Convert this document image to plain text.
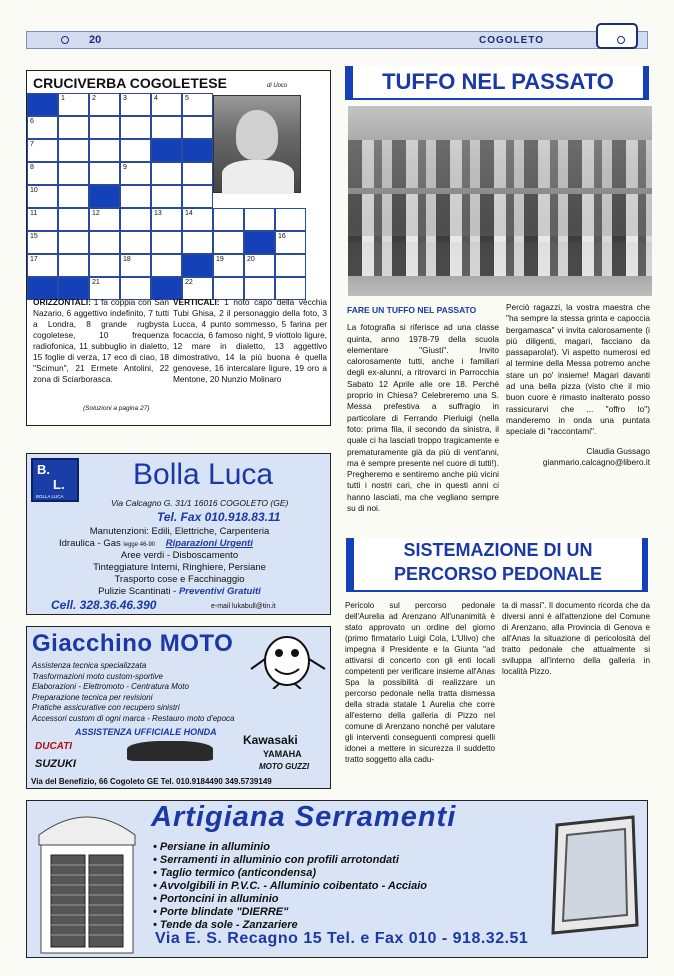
20	COGOLETO
CRUCIVERBA COGOLETESE	di Uoco
1	2	3	4	5
6
7
8	9
10
11	12	13	14
15	16
17	18	19	20
21	22
ORIZZONTALI: 1 fa coppia con San Nazario, 6 aggettivo indefinito, 7 tutti a Londra, 8 grande rugbysta cogoletese, 10 frequenza radiofonica, 11 subbuglio in dialetto, 15 foglie di verza, 17 eco di ciao, 18 "Scimun", 21 Ermete Antolini, 22 zona di Sciarborasca.
VERTICALI: 1 noto capo della vecchia Tubi Ghisa, 2 il personaggio della foto, 3 Lucca, 4 punto sommesso, 5 farina per focaccia, 6 famoso night, 9 viottolo ligure, 12 mare in dialetto, 13 aggettivo dimostrativo, 14 la più buona è quella genovese, 16 intercalare ligure, 19 oro a Mentone, 20 Nunzio Molinaro
(Soluzioni a pagina 27)
B.
L.
BOLLA LUCA
Bolla Luca
Via Calcagno G. 31/1 16016 COGOLETO (GE)
Tel. Fax 010.918.83.11
Manutenzioni: Edili, Elettriche, Carpenteria
Idraulica - Gas legge 46-90 Riparazioni Urgenti
Aree verdi - Disboscamento
Tinteggiature Interni, Ringhiere, Persiane
Trasporto cose e Facchinaggio
Pulizie Scantinati - Preventivi Gratuiti
Cell. 328.36.46.390	e-mail lukabull@tin.it
Giacchino MOTO
Assistenza tecnica specializzata
Trasformazioni moto custom-sportive
Elaborazioni - Elettromoto - Centratura Moto
Preparazione tecnica per revisioni
Pratiche assicurative con recupero sinistri
Accessori custom di ogni marca - Restauro moto d'epoca
ASSISTENZA UFFICIALE HONDA
DUCATI
SUZUKI
Kawasaki
YAMAHA
MOTO GUZZI
Via del Benefizio, 66 Cogoleto GE Tel. 010.9184490 349.5739149
Artigiana Serramenti
• Persiane in alluminio
• Serramenti in alluminio con profili arrotondati
• Taglio termico (anticondensa)
• Avvolgibili in P.V.C. - Alluminio coibentato - Acciaio
• Portoncini in alluminio
• Porte blindate "DIERRE"
• Tende da sole - Zanzariere
Via E. S. Recagno 15 Tel. e Fax 010 - 918.32.51
TUFFO NEL PASSATO
FARE UN TUFFO NEL PASSATO
La fotografia si riferisce ad una classe quinta, anno 1978-79 della scuola elementare "Giusti". Invito calorosamente tutti, anche i familiari degli ex-alunni, a ritrovarci in Parrocchia Sabato 12 Aprile alle ore 18. Perché proprio in Chiesa? Celebreremo una S. Messa prefestiva a suffragio in particolare di Ferrando Pierluigi (nella foto: prima fila, il secondo da sinistra, il quale ci ha lasciati troppo tragicamente e prematuramente già da più di vent'anni, ma è sempre presente nel cuore di tutti!). Pregheremo e sentiremo anche più vicini tutti i nostri cari, che in questi anni ci hanno lasciati, ma che vegliano sempre su di noi.
Perciò ragazzi, la vostra maestra che "ha sempre la stessa grinta e capoccia bergamasca" vi invita calorosamente (i più diligenti, magari, facciano da passaparola!). Vi aspetto numerosi ed al termine della Messa potremo anche stare un po' insieme! Magari davanti ad una bella pizza (visto che il mio buon cuore è rimasto inalterato posso rassicurarvi che ... "offro Io") manderemo in onda una puntata speciale di "raccontami".
Claudia Gussago
gianmario.calcagno@libero.it
SISTEMAZIONE DI UN
PERCORSO PEDONALE
Pericolo sul percorso pedonale dell'Aurelia ad Arenzano All'unanimità è stato approvato un ordine del giorno (primo firmatario Luigi Cola, L'Ulivo) che impegna il Presidente e la Giunta "ad attivarsi di concerto con gli enti locali competenti per verificare insieme all'Anas Spa la possibilità di realizzare un percorso pedonale nella tratta dismessa della strada statale 1 Aurelia che corre all'esterno della galleria di Pizzo nel comune di Arenzano nonché per valutare gli interventi conseguenti compresi quelli idonei a mettere in sicurezza il suddetto tratto soggetto alla cadu-
ta di massi". Il documento ricorda che da diversi anni è all'attenzione del Comune di Arenzano, alla Provincia di Genova e all'Anas la situazione di pericolosità del tratto pedonale che attualmente si sviluppa all'interno della galleria in località Pizzo.
